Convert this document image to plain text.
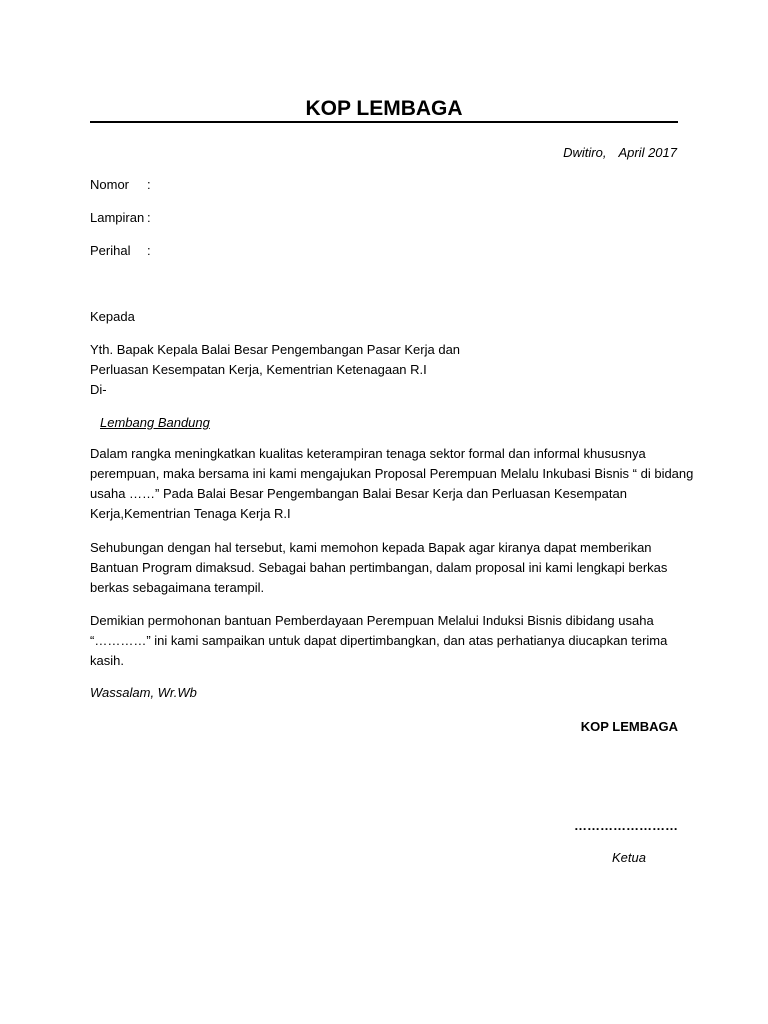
KOP LEMBAGA
Dwitiro, April 2017
Nomor :
Lampiran :
Perihal :
Kepada
Yth. Bapak Kepala Balai Besar Pengembangan Pasar Kerja dan
Perluasan Kesempatan Kerja, Kementrian Ketenagaan R.I
Di-
Lembang Bandung

Dalam rangka meningkatkan kualitas keterampiran tenaga sektor formal dan informal khususnya

perempuan, maka bersama ini kami mengajukan Proposal Perempuan Melalu Inkubasi Bisnis “ di bidang

usaha ……” Pada Balai Besar Pengembangan Balai Besar Kerja dan Perluasan Kesempatan

Kerja,Kementrian Tenaga Kerja R.I

Sehubungan dengan hal tersebut, kami memohon kepada Bapak agar kiranya dapat memberikan

Bantuan Program dimaksud. Sebagai bahan pertimbangan, dalam proposal ini kami lengkapi berkas

berkas sebagaimana terampil.

Demikian permohonan bantuan Pemberdayaan Perempuan Melalui Induksi Bisnis dibidang usaha

“…………” ini kami sampaikan untuk dapat dipertimbangkan, dan atas perhatianya diucapkan terima

kasih.

Wassalam, Wr.Wb
KOP LEMBAGA
……………………
Ketua
